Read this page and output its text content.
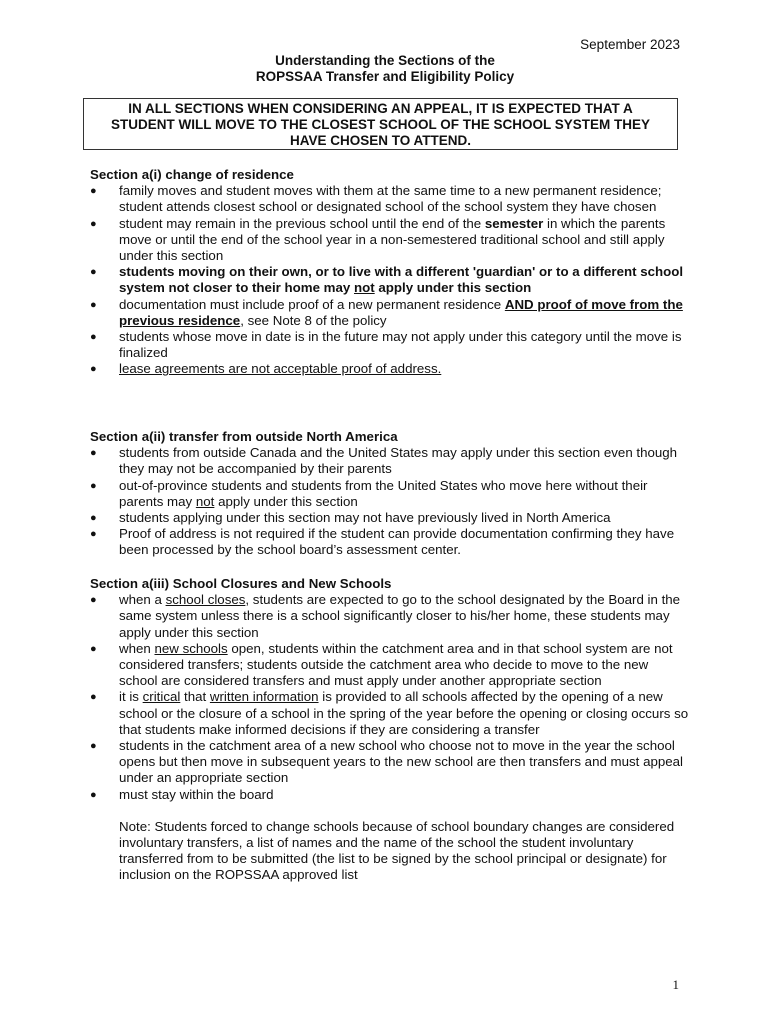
September 2023
Understanding the Sections of the
ROPSSAA Transfer and Eligibility Policy
IN ALL SECTIONS WHEN CONSIDERING AN APPEAL, IT IS EXPECTED THAT A
STUDENT WILL MOVE TO THE CLOSEST SCHOOL OF THE SCHOOL SYSTEM THEY
HAVE CHOSEN TO ATTEND.

Section a(i) change of residence

● family moves and student moves with them at the same time to a new permanent residence; student attends closest school or designated school of the school system they have chosen
● student may remain in the previous school until the end of the semester in which the parents move or until the end of the school year in a non-semestered traditional school and still apply under this section
● students moving on their own, or to live with a different 'guardian' or to a different school system not closer to their home may not apply under this section
● documentation must include proof of a new permanent residence AND proof of move from the previous residence, see Note 8 of the policy
● students whose move in date is in the future may not apply under this category until the move is finalized
● lease agreements are not acceptable proof of address.

Section a(ii) transfer from outside North America

● students from outside Canada and the United States may apply under this section even though they may not be accompanied by their parents
● out-of-province students and students from the United States who move here without their parents may not apply under this section
● students applying under this section may not have previously lived in North America
● Proof of address is not required if the student can provide documentation confirming they have been processed by the school board’s assessment center.

Section a(iii) School Closures and New Schools

● when a school closes, students are expected to go to the school designated by the Board in the same system unless there is a school significantly closer to his/her home, these students may apply under this section
● when new schools open, students within the catchment area and in that school system are not considered transfers; students outside the catchment area who decide to move to the new school are considered transfers and must apply under another appropriate section
● it is critical that written information is provided to all schools affected by the opening of a new school or the closure of a school in the spring of the year before the opening or closing occurs so that students make informed decisions if they are considering a transfer
● students in the catchment area of a new school who choose not to move in the year the school opens but then move in subsequent years to the new school are then transfers and must appeal under an appropriate section
● must stay within the board

Note: Students forced to change schools because of school boundary changes are considered involuntary transfers, a list of names and the name of the school the student involuntary transferred from to be submitted (the list to be signed by the school principal or designate) for inclusion on the ROPSSAA approved list

1
